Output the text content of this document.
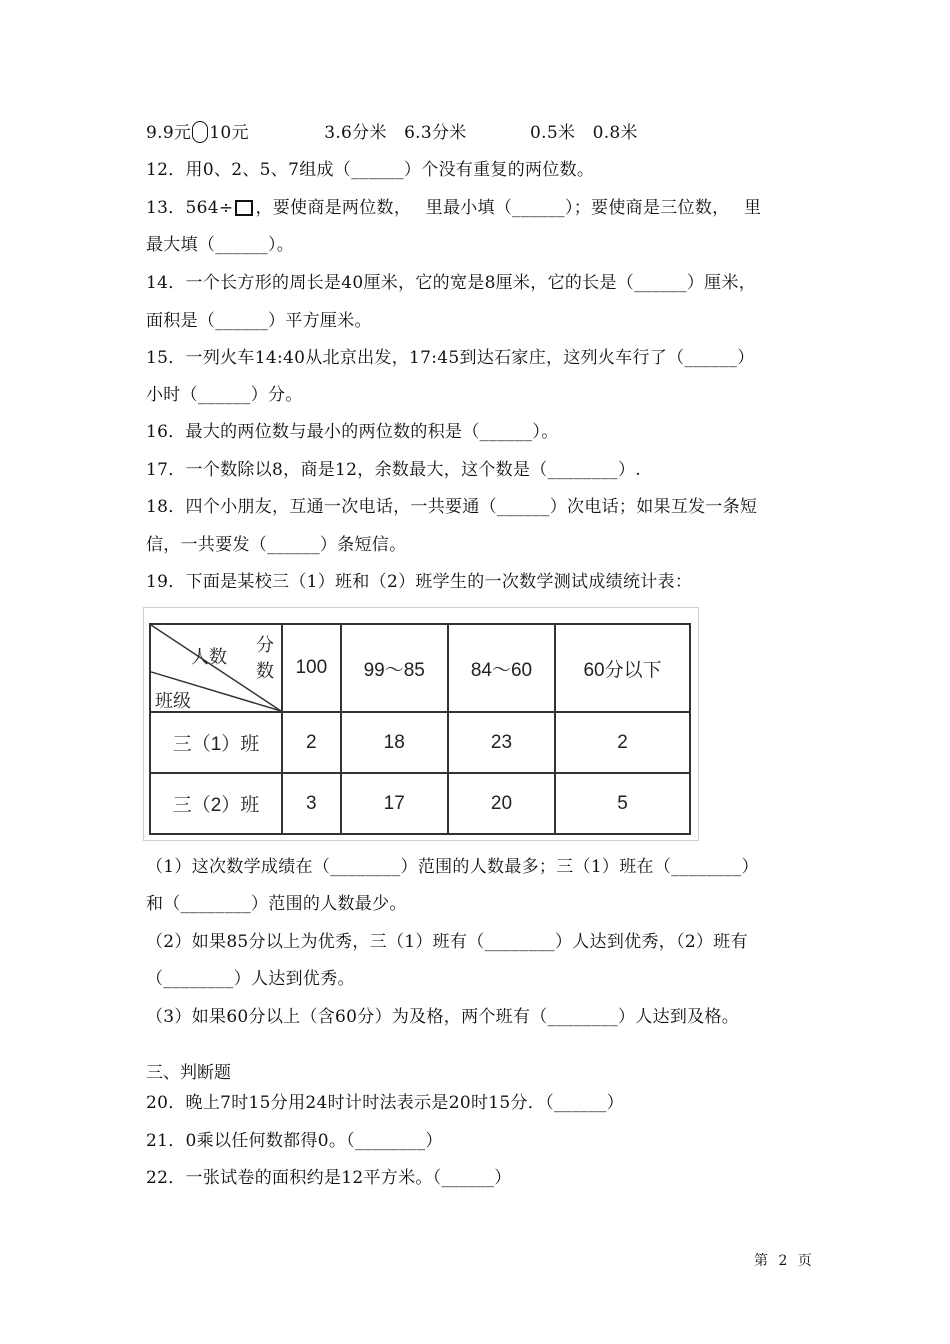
9.9元 10元	3.6分米　6.3分米	0.5米　0.8米
12．用0、2、5、7组成（______）个没有重复的两位数。
13．564÷ ，要使商是两位数，　 里最小填（______）；要使商是三位数，　 里
最大填（______）。
14．一个长方形的周长是40厘米，它的宽是8厘米，它的长是（______）厘米，
面积是（______）平方厘米。
15．一列火车14:40从北京出发，17:45到达石家庄，这列火车行了（______）
小时（______）分。
16．最大的两位数与最小的两位数的积是（______）。
17．一个数除以8，商是12，余数最大，这个数是（________）.
18．四个小朋友，互通一次电话，一共要通（______）次电话；如果互发一条短
信，一共要发（______）条短信。
19．下面是某校三（1）班和（2）班学生的一次数学测试成绩统计表：
分数
人数
班级	100	99～85	84～60	60分以下
三（1）班	2	18	23	2
三（2）班	3	17	20	5
（1）这次数学成绩在（________）范围的人数最多；三（1）班在（________）
和（________）范围的人数最少。
（2）如果85分以上为优秀，三（1）班有（________）人达到优秀，（2）班有
（________）人达到优秀。
（3）如果60分以上（含60分）为及格，两个班有（________）人达到及格。
三、判断题
20．晚上7时15分用24时计时法表示是20时15分．（______）
21．0乘以任何数都得0。（________）
22．一张试卷的面积约是12平方米。（______）
第 2 页
